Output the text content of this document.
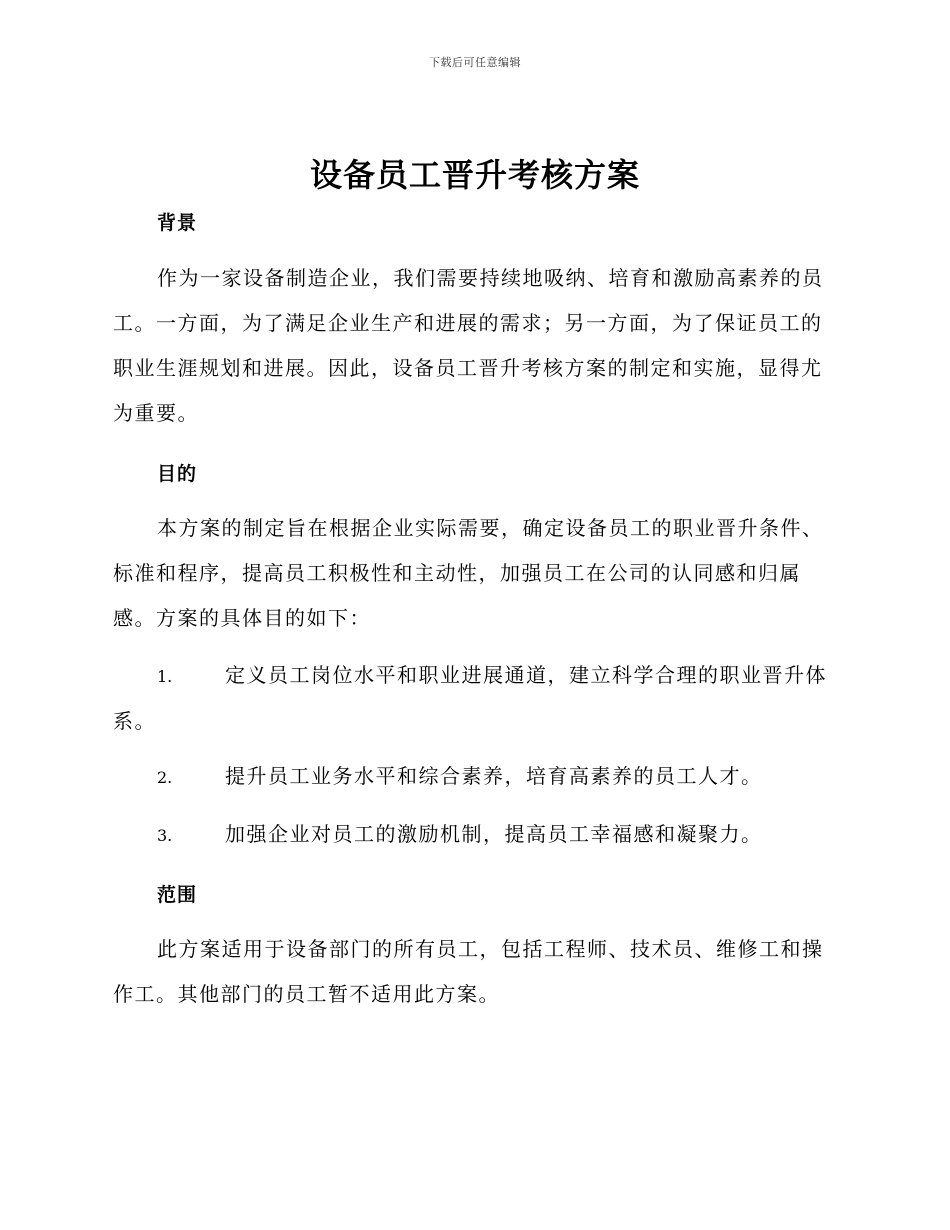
下载后可任意编辑
设备员工晋升考核方案
背景

作为一家设备制造企业，我们需要持续地吸纳、培育和激励高素养的员工。一方面，为了满足企业生产和进展的需求；另一方面，为了保证员工的职业生涯规划和进展。因此，设备员工晋升考核方案的制定和实施，显得尤为重要。

目的

本方案的制定旨在根据企业实际需要，确定设备员工的职业晋升条件、标准和程序，提高员工积极性和主动性，加强员工在公司的认同感和归属感。方案的具体目的如下：

1.	定义员工岗位水平和职业进展通道，建立科学合理的职业晋升体系。

2.	提升员工业务水平和综合素养，培育高素养的员工人才。

3.	加强企业对员工的激励机制，提高员工幸福感和凝聚力。

范围

此方案适用于设备部门的所有员工，包括工程师、技术员、维修工和操作工。其他部门的员工暂不适用此方案。
